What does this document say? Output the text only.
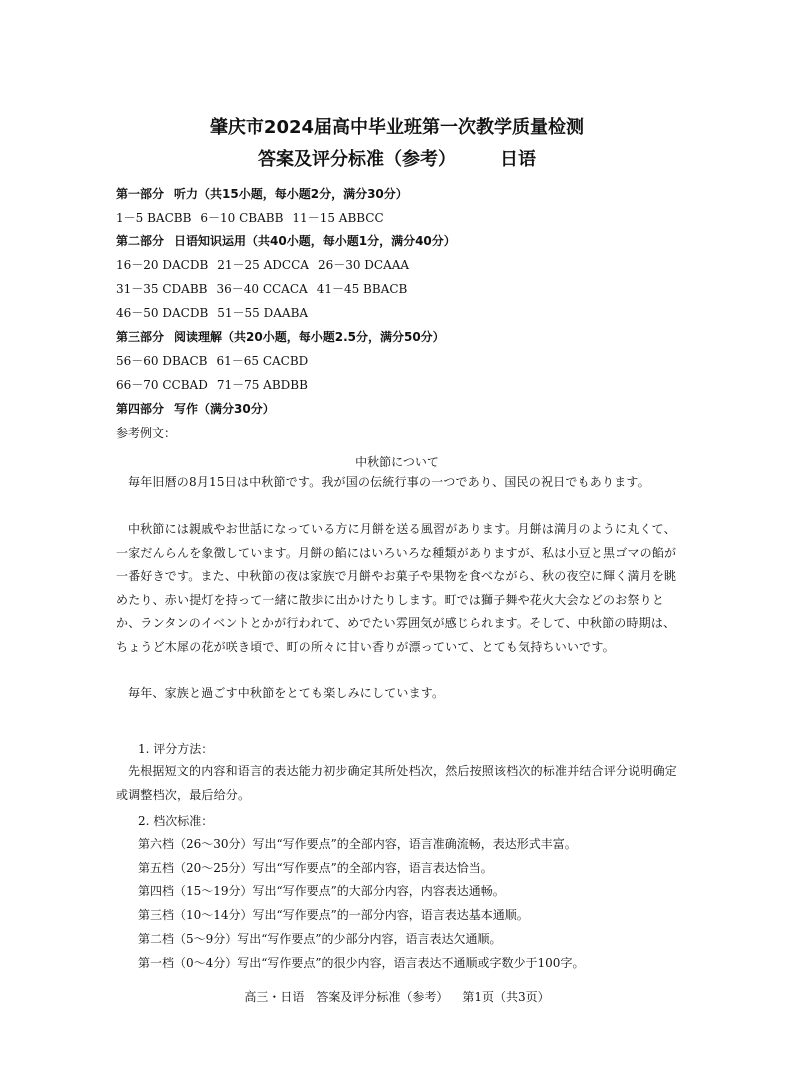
肇庆市2024届高中毕业班第一次教学质量检测
答案及评分标准（参考） 日语
第一部分 听力（共15小题，每小题2分，满分30分）
1－5 BACBB 6－10 CBABB 11－15 ABBCC
第二部分 日语知识运用（共40小题，每小题1分，满分40分）
16－20 DACDB 21－25 ADCCA 26－30 DCAAA
31－35 CDABB 36－40 CCACA 41－45 BBACB
46－50 DACDB 51－55 DAABA
第三部分 阅读理解（共20小题，每小题2.5分，满分50分）
56－60 DBACB 61－65 CACBD
66－70 CCBAD 71－75 ABDBB
第四部分 写作（满分30分）
参考例文：
中秋節について
毎年旧暦の8月15日は中秋節です。我が国の伝統行事の一つであり、国民の祝日でもあります。
中秋節には親戚やお世話になっている方に月餅を送る風習があります。月餅は満月のように丸くて、一家だんらんを象徴しています。月餅の餡にはいろいろな種類がありますが、私は小豆と黒ゴマの餡が一番好きです。また、中秋節の夜は家族で月餅やお菓子や果物を食べながら、秋の夜空に輝く満月を眺めたり、赤い提灯を持って一緒に散歩に出かけたりします。町では獅子舞や花火大会などのお祭りとか、ランタンのイベントとかが行われて、めでたい雰囲気が感じられます。そして、中秋節の時期は、ちょうど木犀の花が咲き頃で、町の所々に甘い香りが漂っていて、とても気持ちいいです。
毎年、家族と過ごす中秋節をとても楽しみにしています。
1. 评分方法：
先根据短文的内容和语言的表达能力初步确定其所处档次，然后按照该档次的标准并结合评分说明确定或调整档次，最后给分。
2. 档次标准：
第六档（26～30分）写出“写作要点”的全部内容，语言准确流畅，表达形式丰富。
第五档（20～25分）写出“写作要点”的全部内容，语言表达恰当。
第四档（15～19分）写出“写作要点”的大部分内容，内容表达通畅。
第三档（10～14分）写出“写作要点”的一部分内容，语言表达基本通顺。
第二档（5～9分）写出“写作要点”的少部分内容，语言表达欠通顺。
第一档（0～4分）写出“写作要点”的很少内容，语言表达不通顺或字数少于100字。
高三・日语　答案及评分标准（参考） 第1页（共3页）
